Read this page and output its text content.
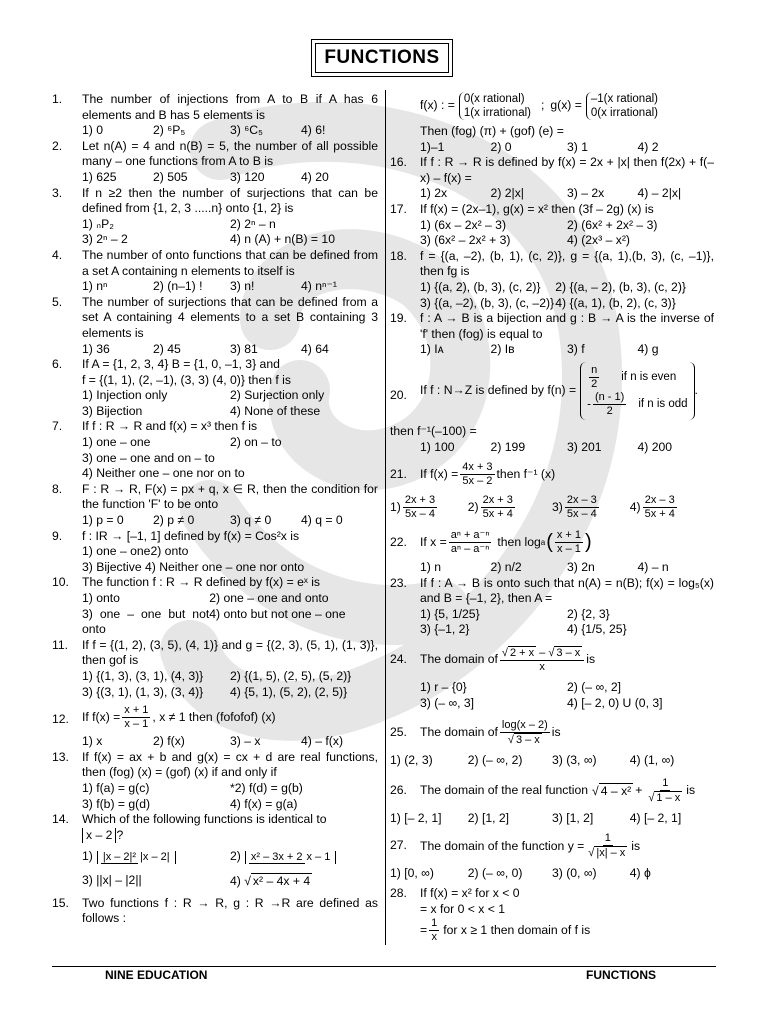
FUNCTIONS
1.	The number of injections from A to B if A has 6 elements and B has 5 elements is
1) 0	2) ⁶P₅	3) ⁶C₅	4) 6!
2.	Let n(A) = 4 and n(B) = 5, the number of all possible many – one functions from A to B is
1) 625	2) 505	3) 120	4) 20
3.	If n ≥2 then the number of surjections that can be defined from {1, 2, 3 .....n} onto {1, 2} is
1) ₙP₂	2) 2ⁿ – n
3) 2ⁿ – 2	4) n (A) + n(B) = 10
4.	The number of onto functions that can be defined from a set A containing n elements to itself is
1) nⁿ	2) (n–1) !	3) n!	4) nⁿ⁻¹
5.	The number of surjections that can be defined from a set A containing 4 elements to a set B containing 3 elements is
1) 36	2) 45	3) 81	4) 64
6.	If A = {1, 2, 3, 4} B = {1, 0, –1, 3} and
f = {(1, 1), (2, –1), (3, 3) (4, 0)} then f is
1) Injection only	2) Surjection only
3) Bijection	4) None of these
7.	If f : R → R and f(x) = x³ then f is
1) one – one	2) on – to
3) one – one and on – to
4) Neither one – one nor on to
8.	F : R → R, F(x) = px + q, x ∈ R, then the condition for the function 'F' to be onto
1) p = 0	2) p ≠ 0	3) q ≠ 0	4) q = 0
9.	f : IR → [–1, 1] defined by f(x) = Cos²x is
1) one – one2) onto
3) Bijective 4) Neither one – one nor onto
10.	The function f : R → R defined by f(x) = eˣ is
1) onto	2) one – one and onto
3) one – one but not onto
4) onto but not one – one
11.	If f = {(1, 2), (3, 5), (4, 1)} and g = {(2, 3), (5, 1), (1, 3)}, then gof is
1) {(1, 3), (3, 1), (4, 3)}	2) {(1, 5), (2, 5), (5, 2)}
3) {(3, 1), (1, 3), (3, 4)}	4) {5, 1), (5, 2), (2, 5)}
12.	If $f(x) = \frac{x + 1}{x - 1}$ , x ≠ 1 then (fofofof) (x)
1) x	2) f(x)	3) – x	4) – f(x)
13.	If f(x) = ax + b and g(x) = cx + d are real functions, then (fog) (x) = (gof) (x) if and only if
1) f(a) = g(c)	*2) f(d) = g(b)
3) f(b) = g(d)	4) f(x) = g(a)
14.	Which of the following functions is identical to
x – 2 ?
1) |x – 2|² |x – 2|	2) x² – 3x + 2 x – 1
3) ||x| – |2||	4) √ x² – 4x + 4
15.	Two functions f : R → R, g : R →R are defined as follows :
f(x) : = 0(x rational)
1(x irrational)
; g(x) = –1(x rational)
0(x irrational)
Then (fog) (π) + (gof) (e) =
1)–1	2) 0	3) 1	4) 2
16.	If f : R → R is defined by f(x) = 2x + |x| then f(2x) + f(– x) – f(x) =
1) 2x	2) 2|x|	3) – 2x	4) – 2|x|
17.	If f(x) = (2x–1), g(x) = x² then (3f – 2g) (x) is
1) (6x – 2x² – 3)	2) (6x² + 2x² – 3)
3) (6x² – 2x² + 3)	4) (2x³ – x²)
18.	f = {(a, –2), (b, 1), (c, 2)}, g = {(a, 1),(b, 3), (c, –1)}, then fg is
1) {(a, 2), (b, 3), (c, 2)}	2) {(a, – 2), (b, 3), (c, 2)}
3) {(a, –2), (b, 3), (c, –2)} 4) {(a, 1), (b, 2), (c, 3)}
19.	f : A → B is a bijection and g : B → A is the inverse of 'f' then (fog) is equal to
1) Iᴀ	2) Iʙ	3) f	4) g
20.	If f : N→Z is defined by f(n) =
n
2
if n is even
- $\frac{(n - 1)}{2}$ if n is odd
.
then f⁻¹(–100) =
1) 100	2) 199	3) 201	4) 200
21.	If $f(x) = \frac{4x + 3}{5x - 2}$ then f⁻¹ (x)
1) 2x + 3
5x – 4
2) 2x + 3
5x + 4
3) 2x – 3
5x – 4
4) 2x – 3
5x + 4
22.	If $x = \frac{\text{aⁿ + a⁻ⁿ}}{\text{aⁿ – a⁻ⁿ}}$ then log a ( x + 1
x – 1 )
1) n	2) n/2	3) 2n	4) – n
23.	If f : A → B is onto such that n(A) = n(B); f(x) = log₅(x) and B = {–1, 2}, then A =
1) {5, 1/25}	2) {2, 3}
3) {–1, 2}	4) {1/5, 25}
24.	The domain of √ 2 + x – √ 3 – x
x
is
1) r – {0}	2) (– ∞, 2]
3) (– ∞, 3]	4) [– 2, 0) U (0, 3]
25.	The domain of
log(x – 2)
√ 3 – x
is
1) (2, 3)	2) (– ∞, 2)	3) (3, ∞)	4) (1, ∞)
26.	The domain of the real function √ $4 - x^2 + \frac{1}{√ 1 - x}$ is
1) [– 2, 1]	2) [1, 2]	3) [1, 2]	4) [– 2, 1]
27.	The domain of the function $y = \frac{1}{√ |x| - x}$ is
1) [0, ∞)	2) (– ∞, 0)	3) (0, ∞)	4) ϕ
28.	If f(x) = x² for x < 0
= x for 0 < x < 1
= $\frac{1}{x}$ for x ≥ 1 then domain of f is
NINE EDUCATION	FUNCTIONS
